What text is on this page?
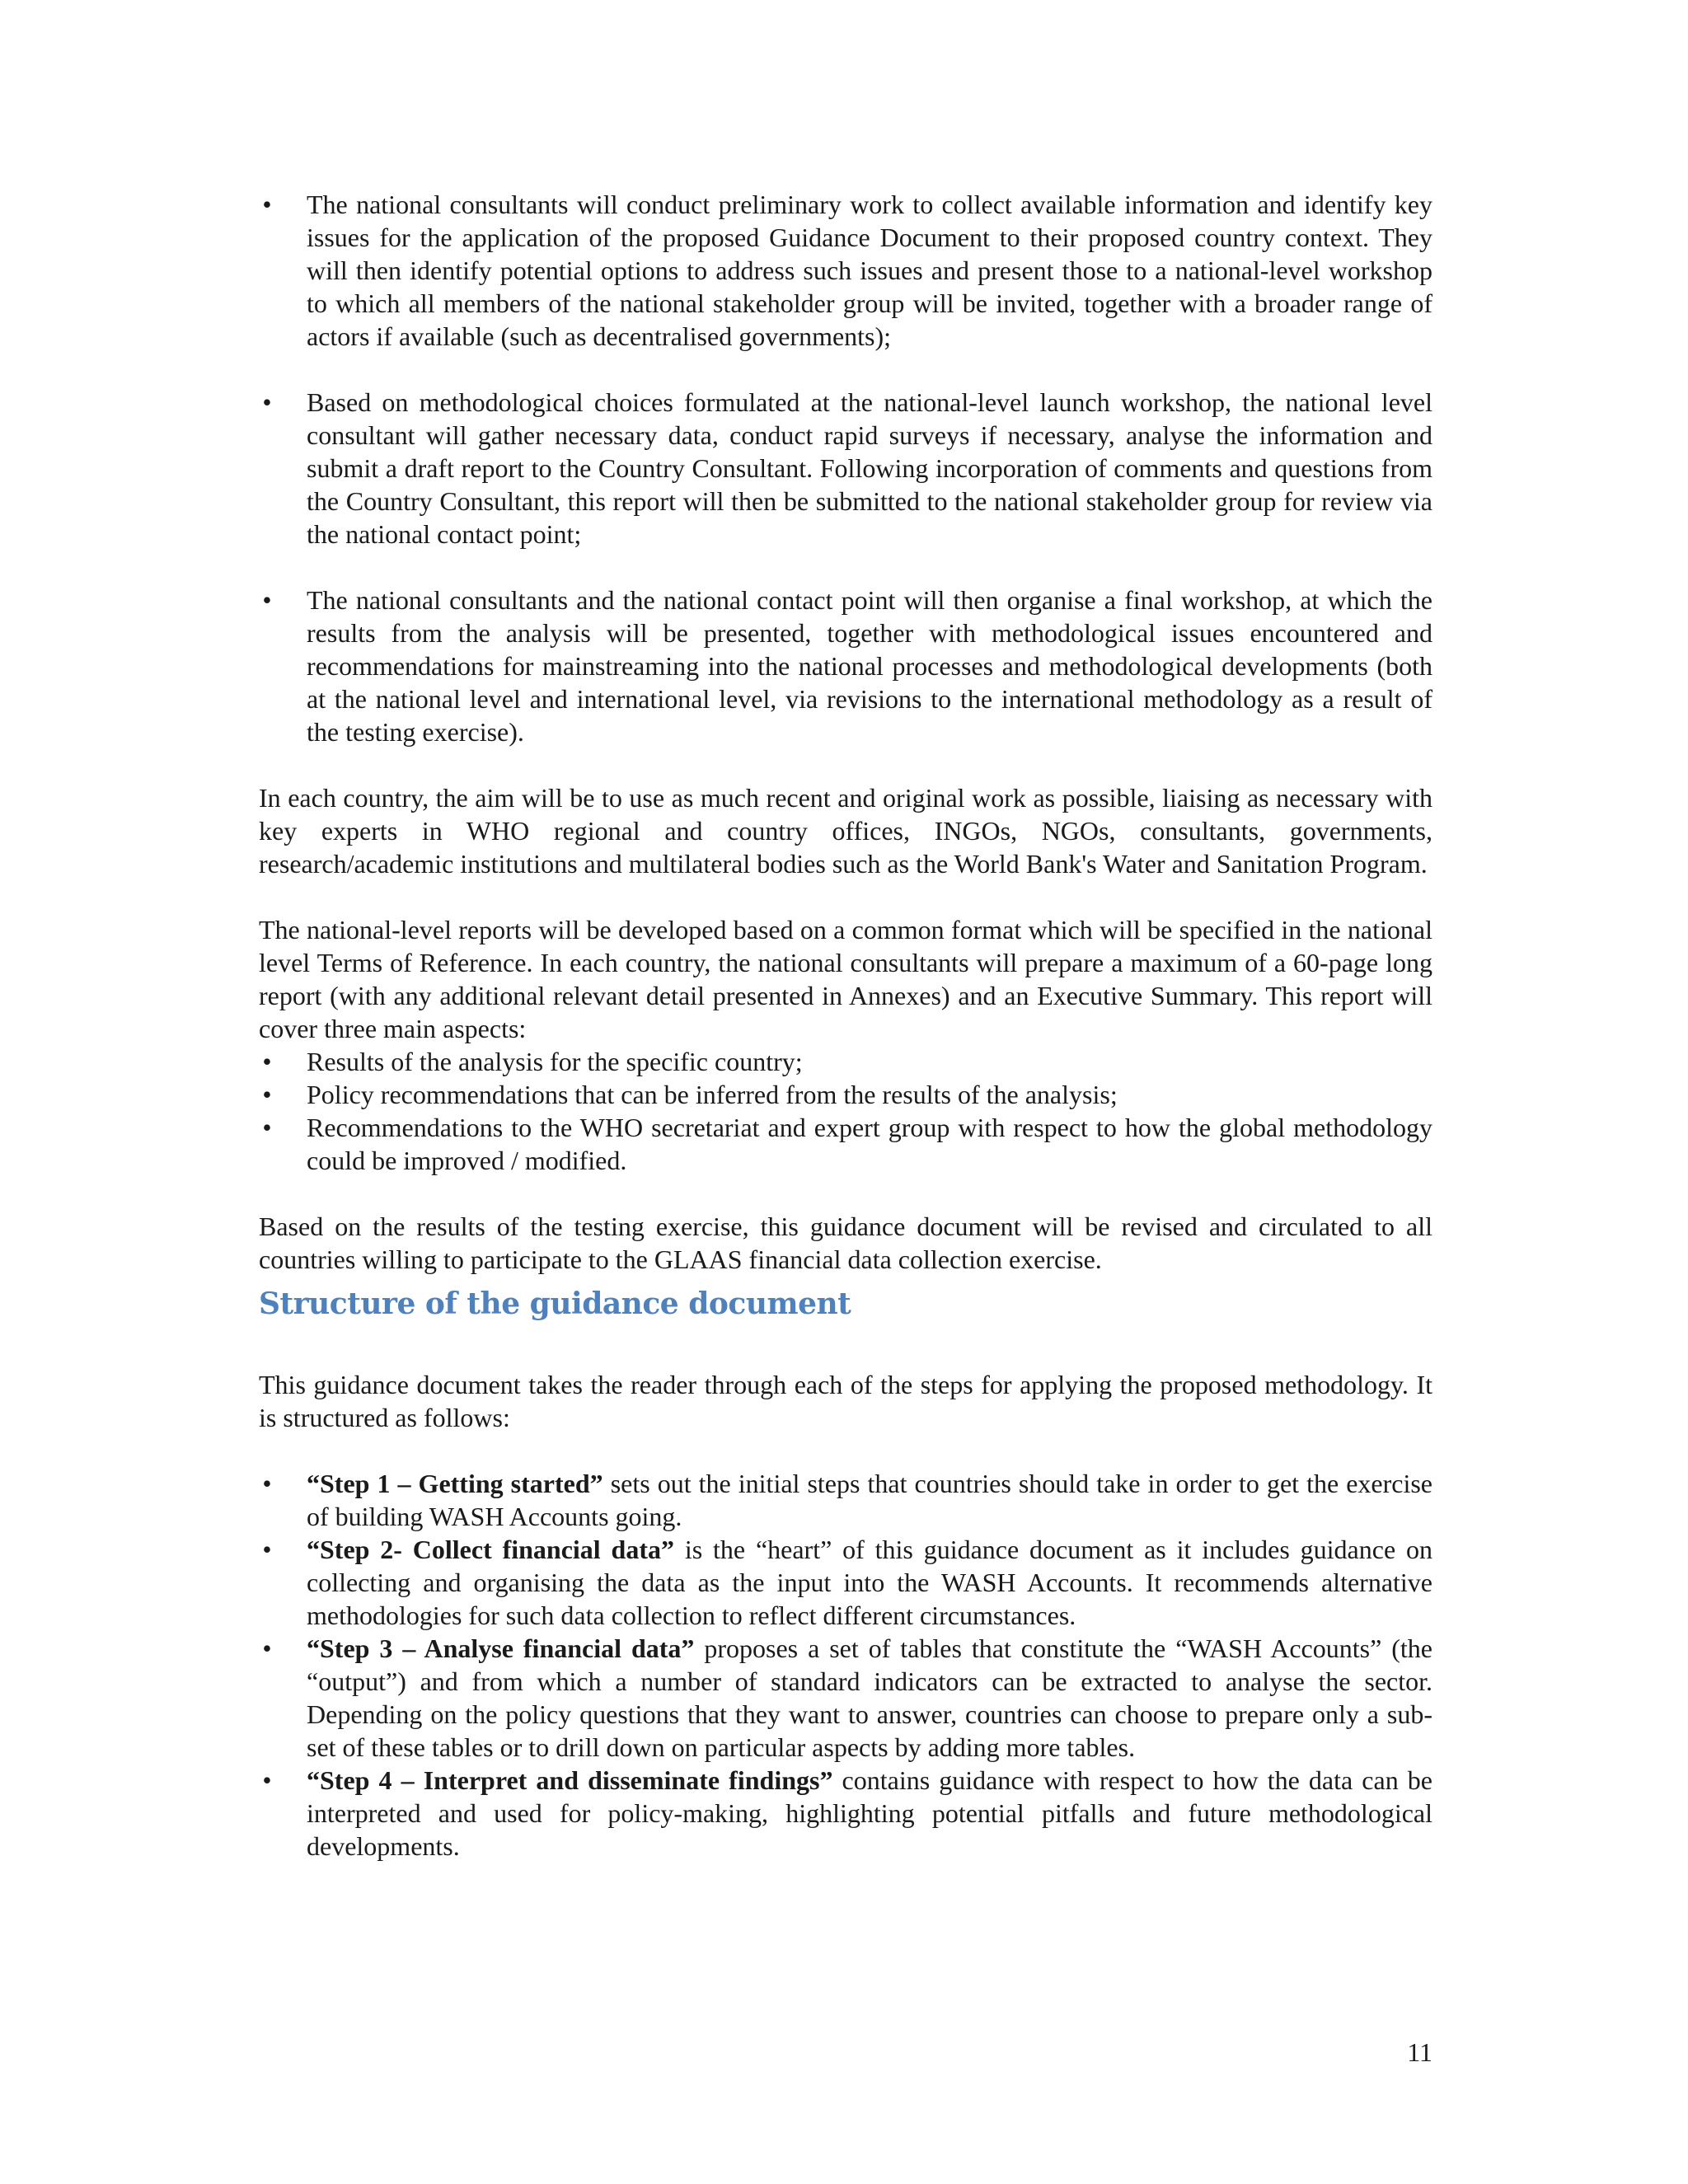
• The national consultants will conduct preliminary work to collect available information and identify key issues for the application of the proposed Guidance Document to their proposed country context. They will then identify potential options to address such issues and present those to a national-level workshop to which all members of the national stakeholder group will be invited, together with a broader range of actors if available (such as decentralised governments);
• Based on methodological choices formulated at the national-level launch workshop, the national level consultant will gather necessary data, conduct rapid surveys if necessary, analyse the information and submit a draft report to the Country Consultant. Following incorporation of comments and questions from the Country Consultant, this report will then be submitted to the national stakeholder group for review via the national contact point;
• The national consultants and the national contact point will then organise a final workshop, at which the results from the analysis will be presented, together with methodological issues encountered and recommendations for mainstreaming into the national processes and methodological developments (both at the national level and international level, via revisions to the international methodology as a result of the testing exercise).

In each country, the aim will be to use as much recent and original work as possible, liaising as necessary with key experts in WHO regional and country offices, INGOs, NGOs, consultants, governments, research/academic institutions and multilateral bodies such as the World Bank's Water and Sanitation Program.

The national-level reports will be developed based on a common format which will be specified in the national level Terms of Reference. In each country, the national consultants will prepare a maximum of a 60-page long report (with any additional relevant detail presented in Annexes) and an Executive Summary. This report will cover three main aspects:

• Results of the analysis for the specific country;
• Policy recommendations that can be inferred from the results of the analysis;
• Recommendations to the WHO secretariat and expert group with respect to how the global methodology could be improved / modified.

Based on the results of the testing exercise, this guidance document will be revised and circulated to all countries willing to participate to the GLAAS financial data collection exercise.

Structure of the guidance document

This guidance document takes the reader through each of the steps for applying the proposed methodology. It is structured as follows:

• “Step 1 – Getting started” sets out the initial steps that countries should take in order to get the exercise of building WASH Accounts going.
• “Step 2- Collect financial data” is the “heart” of this guidance document as it includes guidance on collecting and organising the data as the input into the WASH Accounts. It recommends alternative methodologies for such data collection to reflect different circumstances.
• “Step 3 – Analyse financial data” proposes a set of tables that constitute the “WASH Accounts” (the “output”) and from which a number of standard indicators can be extracted to analyse the sector. Depending on the policy questions that they want to answer, countries can choose to prepare only a sub-set of these tables or to drill down on particular aspects by adding more tables.
• “Step 4 – Interpret and disseminate findings” contains guidance with respect to how the data can be interpreted and used for policy-making, highlighting potential pitfalls and future methodological developments.
11
